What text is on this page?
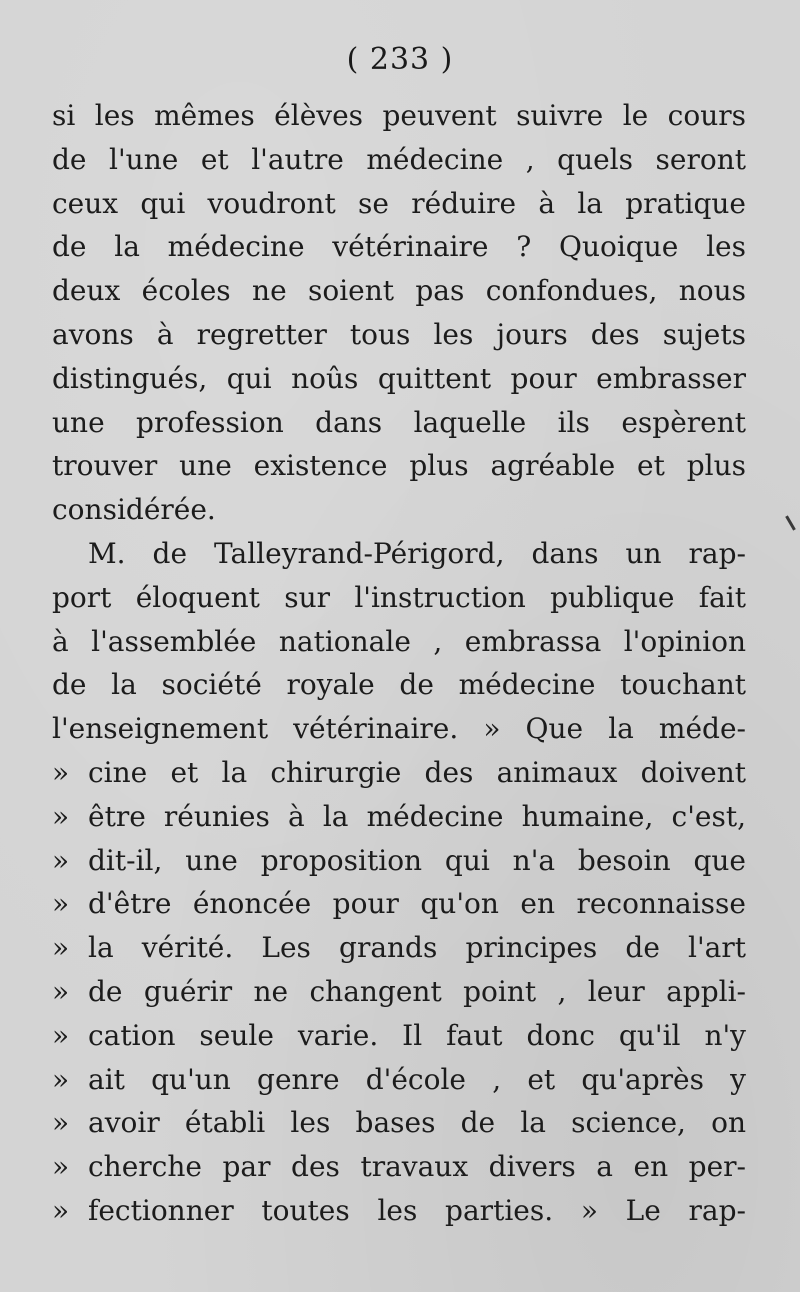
( 233 )
si les mêmes élèves peuvent suivre le cours
de l'une et l'autre médecine , quels seront
ceux qui voudront se réduire à la pratique
de la médecine vétérinaire ? Quoique les
deux écoles ne soient pas confondues, nous
avons à regretter tous les jours des sujets
distingués, qui noûs quittent pour embrasser
une profession dans laquelle ils espèrent
trouver une existence plus agréable et plus
considérée.
M. de Talleyrand-Périgord, dans un rap-
port éloquent sur l'instruction publique fait
à l'assemblée nationale , embrassa l'opinion
de la société royale de médecine touchant
l'enseignement vétérinaire. » Que la méde-
» cine et la chirurgie des animaux doivent
» être réunies à la médecine humaine, c'est,
» dit-il, une proposition qui n'a besoin que
» d'être énoncée pour qu'on en reconnaisse
» la vérité. Les grands principes de l'art
» de guérir ne changent point , leur appli-
» cation seule varie. Il faut donc qu'il n'y
» ait qu'un genre d'école , et qu'après y
» avoir établi les bases de la science, on
» cherche par des travaux divers a en per-
» fectionner toutes les parties. » Le rap-
